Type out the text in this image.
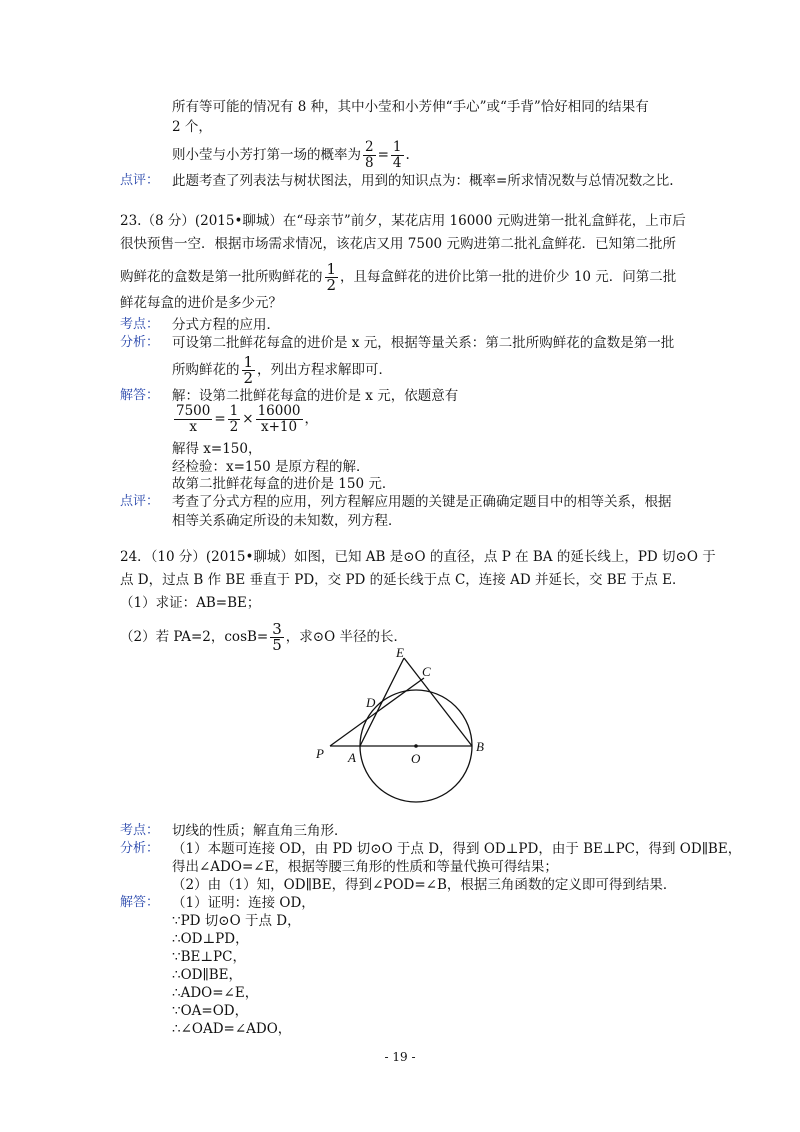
所有等可能的情况有 8 种，其中小莹和小芳伸“手心”或“手背”恰好相同的结果有
2 个，
则小莹与小芳打第一场的概率为 $\frac{2}{8} = \frac{1}{4}$ .
点评： 此题考查了列表法与树状图法，用到的知识点为：概率=所求情况数与总情况数之比.
23.（8 分）(2015•聊城）在“母亲节”前夕，某花店用 16000 元购进第一批礼盒鲜花，上市后
很快预售一空．根据市场需求情况，该花店又用 7500 元购进第二批礼盒鲜花．已知第二批所
购鲜花的盒数是第一批所购鲜花的 $\frac{1}{2}$ ，且每盒鲜花的进价比第一批的进价少 10 元．问第二批
鲜花每盒的进价是多少元？
考点： 分式方程的应用．
分析： 可设第二批鲜花每盒的进价是 x 元，根据等量关系：第二批所购鲜花的盒数是第一批
所购鲜花的 $\frac{1}{2}$ ，列出方程求解即可．
解答： 解：设第二批鲜花每盒的进价是 x 元，依题意有
$\frac{7500}{x} = \frac{1}{2} \times \frac{16000}{x+10}$ ，
解得 x=150，
经检验：x=150 是原方程的解．
故第二批鲜花每盒的进价是 150 元．
点评： 考查了分式方程的应用，列方程解应用题的关键是正确确定题目中的相等关系，根据
相等关系确定所设的未知数，列方程．
24．（10 分）(2015•聊城）如图，已知 AB 是⊙O 的直径，点 P 在 BA 的延长线上，PD 切⊙O 于
点 D，过点 B 作 BE 垂直于 PD，交 PD 的延长线于点 C，连接 AD 并延长，交 BE 于点 E．
（1）求证：AB=BE；
（2）若 PA=2，$\cos B= \frac{3}{5}$ ，求⊙O 半径的长．
E
C
D
P A	O
B
考点： 切线的性质；解直角三角形．
分析： （1）本题可连接 OD，由 PD 切⊙O 于点 D，得到 OD⊥PD，由于 BE⊥PC，得到 OD∥BE，
得出∠ADO=∠E，根据等腰三角形的性质和等量代换可得结果；
（2）由（1）知，OD∥BE，得到∠POD=∠B，根据三角函数的定义即可得到结果．
解答： （1）证明：连接 OD，
∵PD 切⊙O 于点 D，
∴OD⊥PD，
∵BE⊥PC，
∴OD∥BE，
∴ADO=∠E，
∵OA=OD，
∴∠OAD=∠ADO，
- 19 -
